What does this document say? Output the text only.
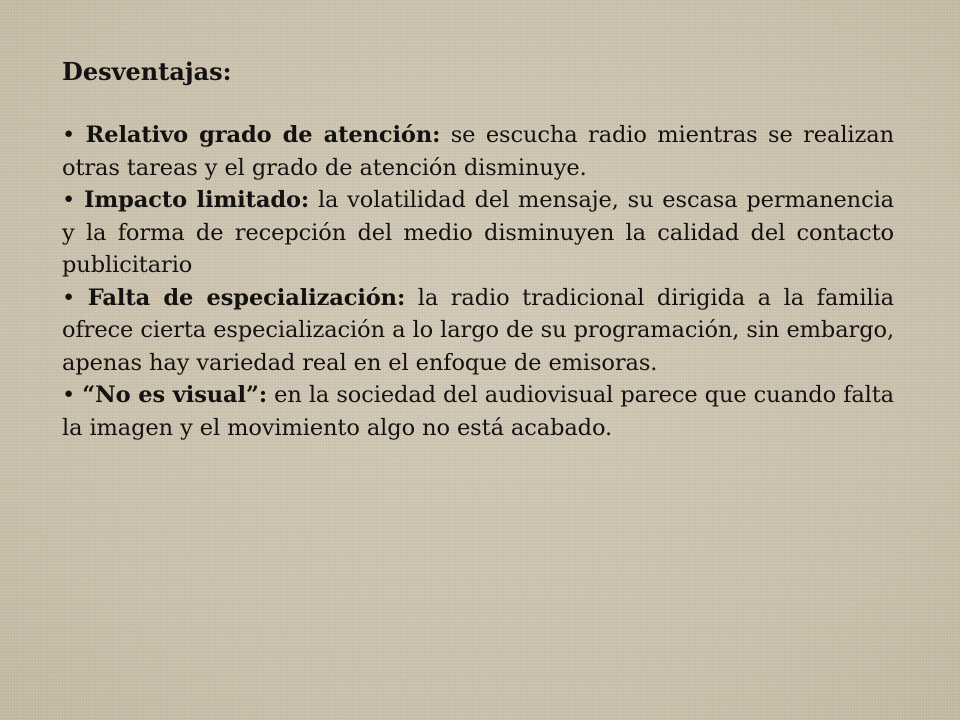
Desventajas:

• Relativo grado de atención: se escucha radio mientras se realizan otras tareas y el grado de atención disminuye.

• Impacto limitado: la volatilidad del mensaje, su escasa permanencia y la forma de recepción del medio disminuyen la calidad del contacto publicitario

• Falta de especialización: la radio tradicional dirigida a la familia ofrece cierta especialización a lo largo de su programación, sin embargo, apenas hay variedad real en el enfoque de emisoras.

• “No es visual”: en la sociedad del audiovisual parece que cuando falta la imagen y el movimiento algo no está acabado.
